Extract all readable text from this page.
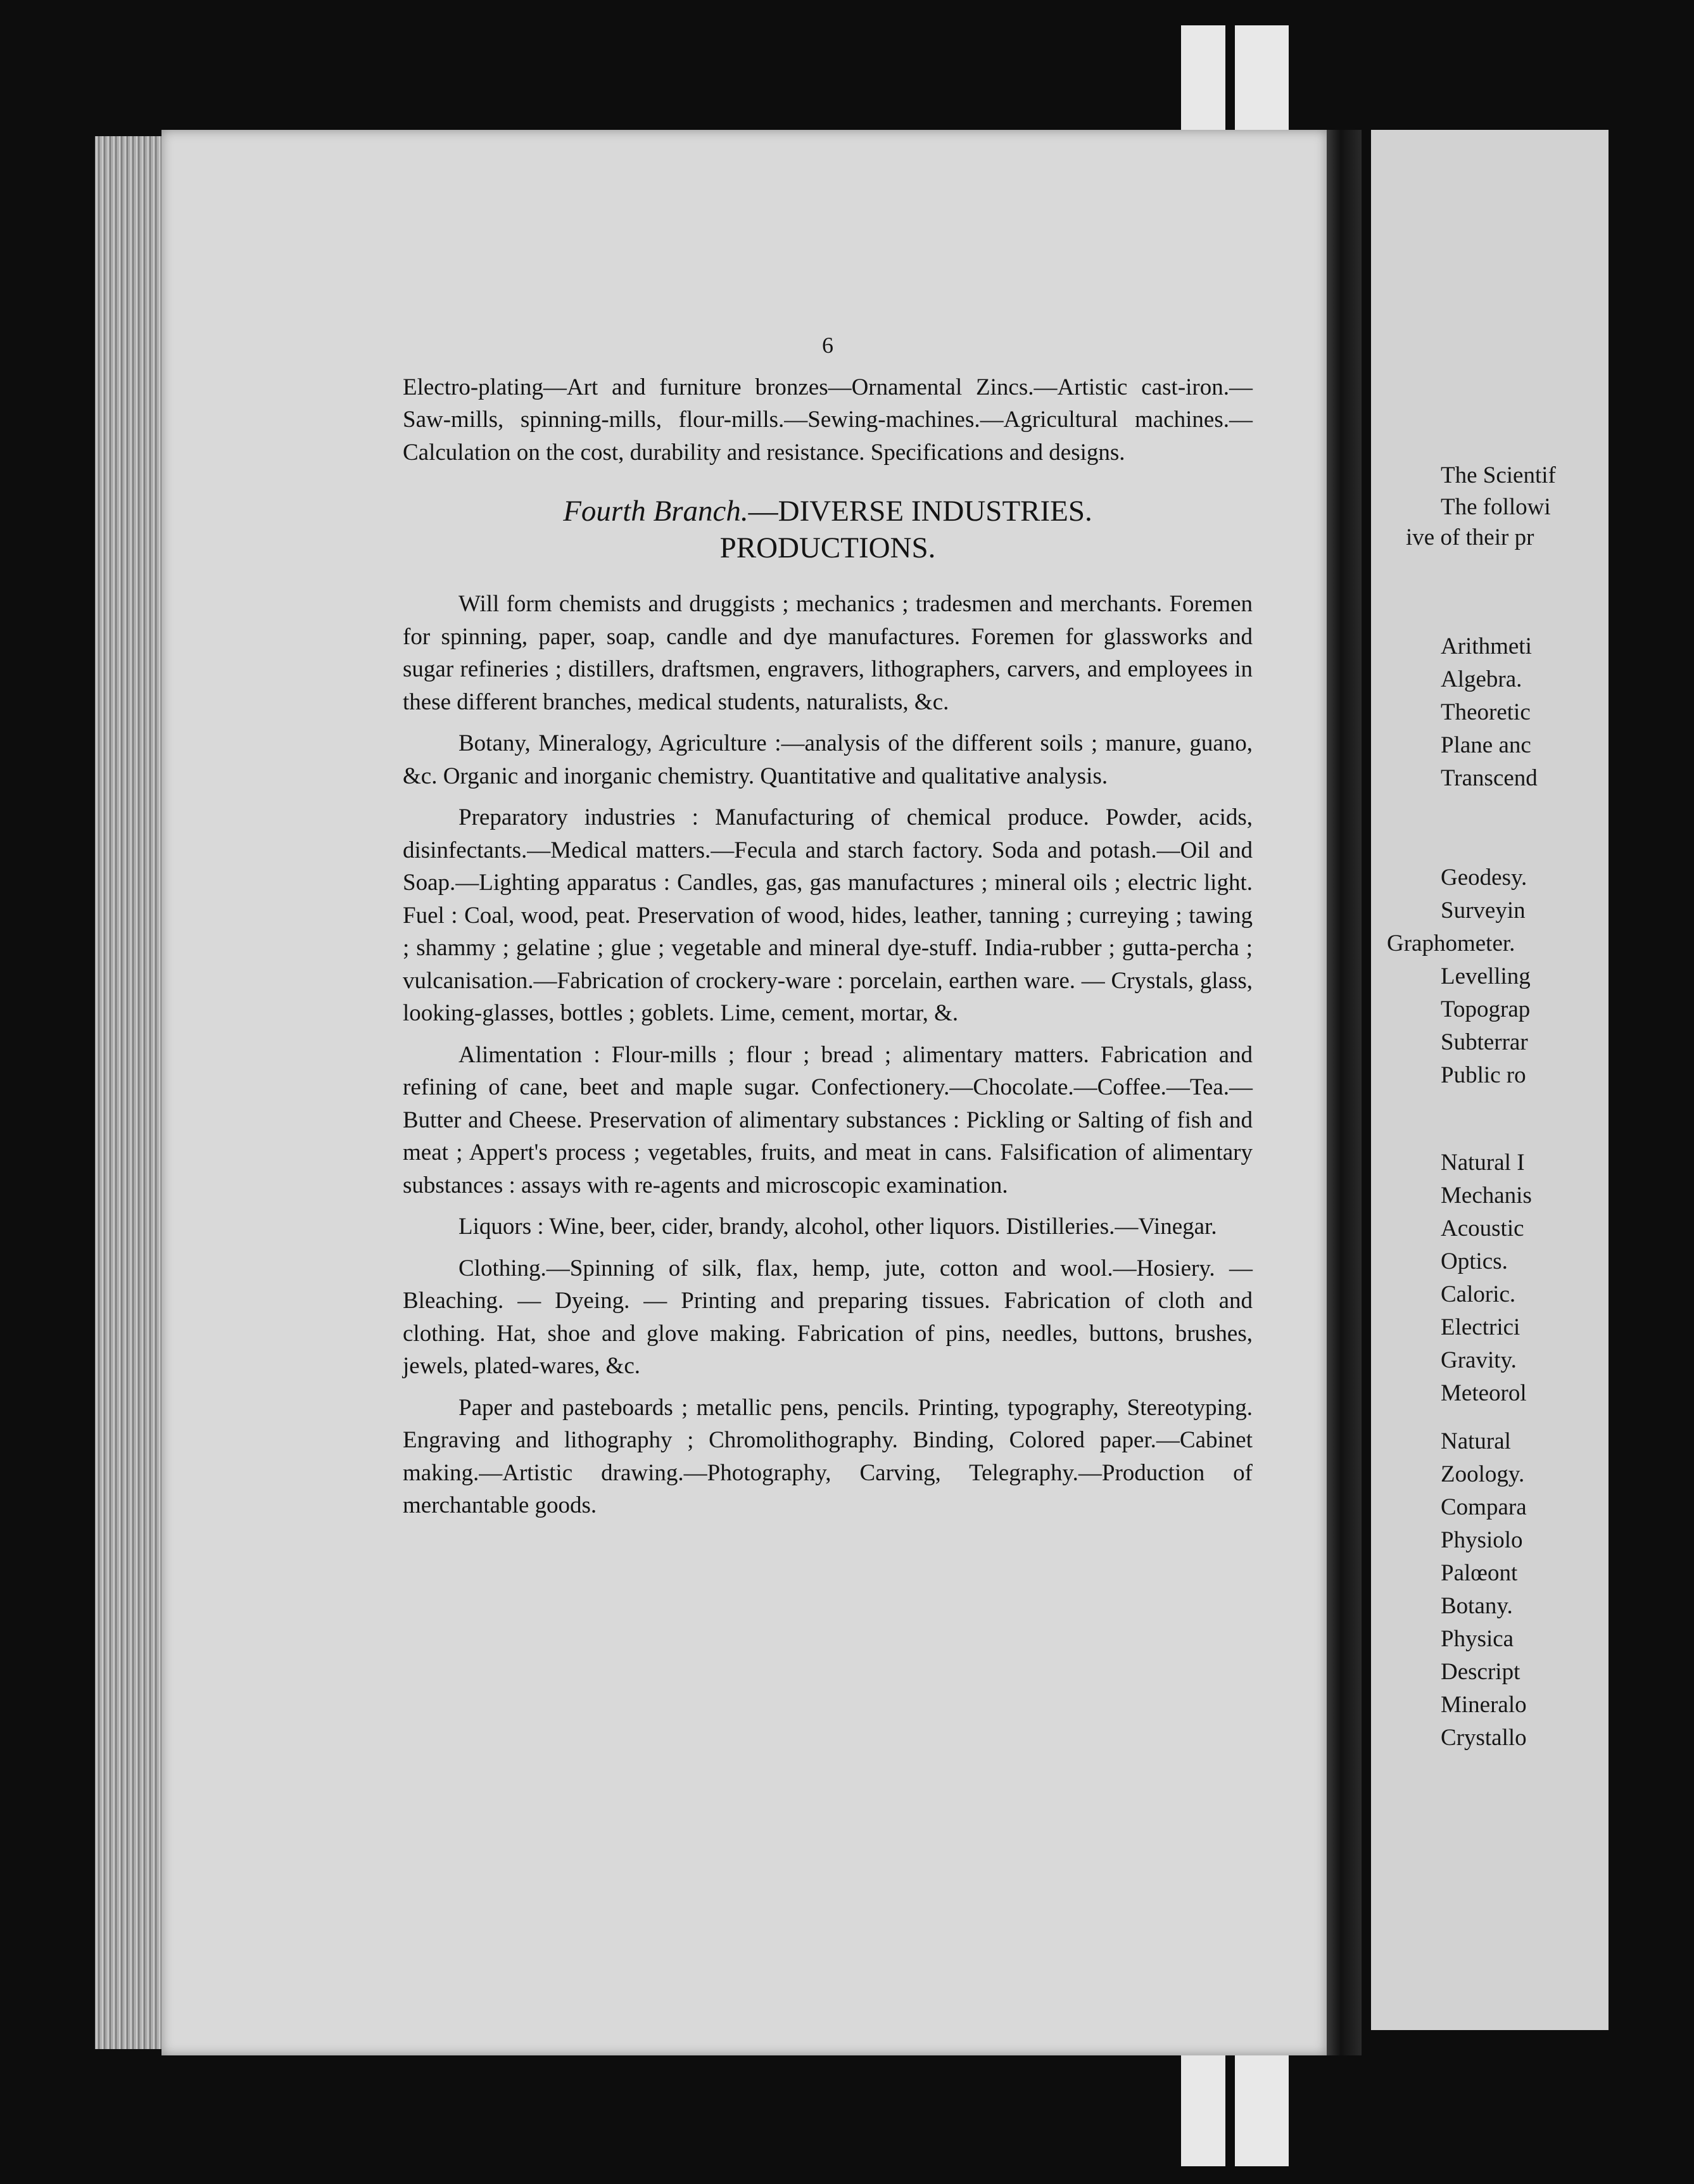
6

Electro-plating—Art and furniture bronzes—Ornamental Zincs.—Artistic cast-iron.—Saw-mills, spinning-mills, flour-mills.—Sewing-machines.—Agricultural machines.—Calculation on the cost, durability and resistance. Specifications and designs.

Fourth Branch.—DIVERSE INDUSTRIES.
PRODUCTIONS.

Will form chemists and druggists ; mechanics ; tradesmen and merchants. Foremen for spinning, paper, soap, candle and dye manufactures. Foremen for glassworks and sugar refineries ; distillers, draftsmen, engravers, lithographers, carvers, and employees in these different branches, medical students, naturalists, &c.

Botany, Mineralogy, Agriculture :—analysis of the different soils ; manure, guano, &c. Organic and inorganic chemistry. Quantitative and qualitative analysis.

Preparatory industries : Manufacturing of chemical produce. Powder, acids, disinfectants.—Medical matters.—Fecula and starch factory. Soda and potash.—Oil and Soap.—Lighting apparatus : Candles, gas, gas manufactures ; mineral oils ; electric light. Fuel : Coal, wood, peat. Preservation of wood, hides, leather, tanning ; curreying ; tawing ; shammy ; gelatine ; glue ; vegetable and mineral dye-stuff. India-rubber ; gutta-percha ; vulcanisation.—Fabrication of crockery-ware : porcelain, earthen ware. — Crystals, glass, looking-glasses, bottles ; goblets. Lime, cement, mortar, &.

Alimentation : Flour-mills ; flour ; bread ; alimentary matters. Fabrication and refining of cane, beet and maple sugar. Confectionery.—Chocolate.—Coffee.—Tea.—Butter and Cheese. Preservation of alimentary substances : Pickling or Salting of fish and meat ; Appert's process ; vegetables, fruits, and meat in cans. Falsification of alimentary substances : assays with re-agents and microscopic examination.

Liquors : Wine, beer, cider, brandy, alcohol, other liquors. Distilleries.—Vinegar.

Clothing.—Spinning of silk, flax, hemp, jute, cotton and wool.—Hosiery. — Bleaching. — Dyeing. — Printing and preparing tissues. Fabrication of cloth and clothing. Hat, shoe and glove making. Fabrication of pins, needles, buttons, brushes, jewels, plated-wares, &c.

Paper and pasteboards ; metallic pens, pencils. Printing, typography, Stereotyping. Engraving and lithography ; Chromolithography. Binding, Colored paper.—Cabinet making.—Artistic drawing.—Photography, Carving, Telegraphy.—Production of merchantable goods.

The Scientif
The followi
ive of their pr
Arithmeti
Algebra.
Theoretic
Plane anc
Transcend
Geodesy.
Surveyin
Graphometer.
Levelling
Topograp
Subterrar
Public ro
Natural I
Mechanis
Acoustic
Optics.
Caloric.
Electrici
Gravity.
Meteorol
Natural
Zoology.
Compara
Physiolo
Palœont
Botany.
Physica
Descript
Mineralo
Crystallo
